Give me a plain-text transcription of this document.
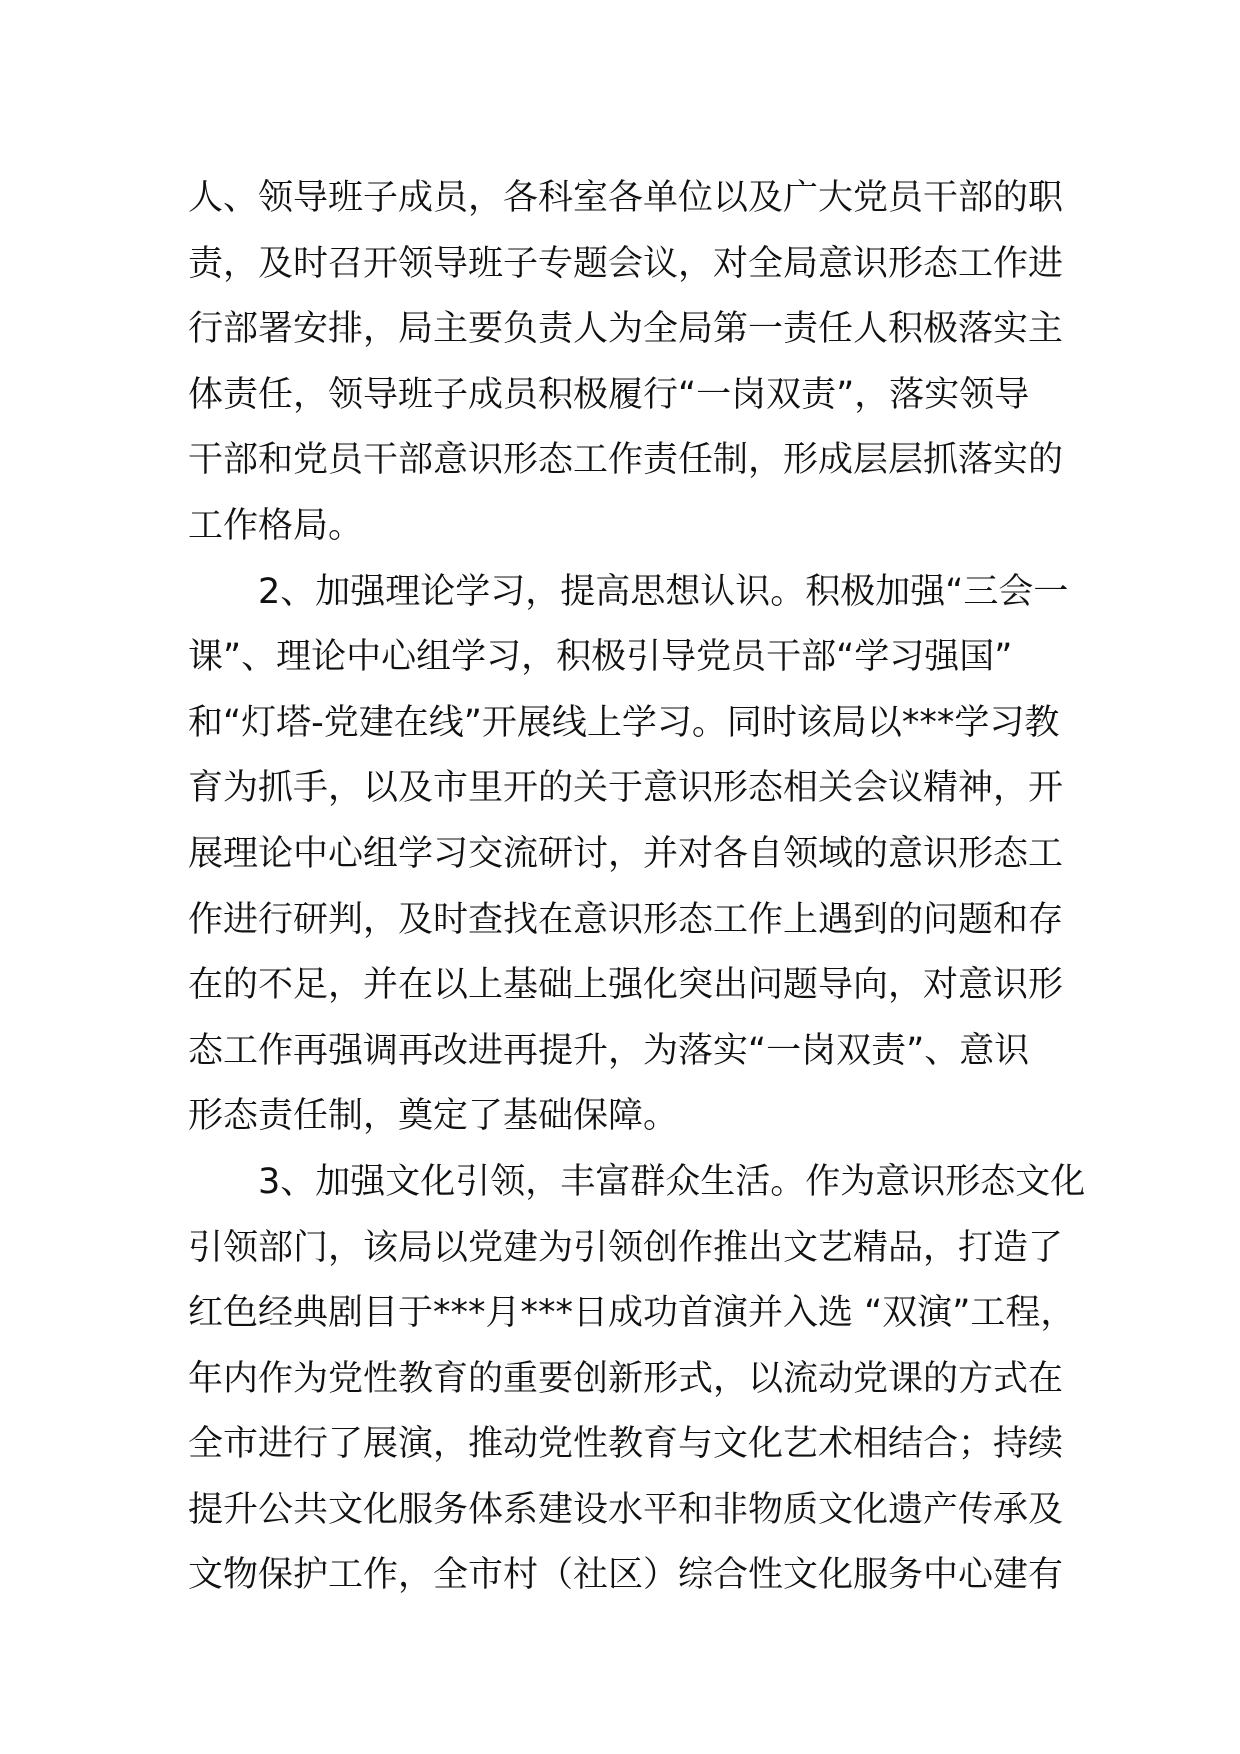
人、领导班子成员，各科室各单位以及广大党员干部的职
责，及时召开领导班子专题会议，对全局意识形态工作进
行部署安排，局主要负责人为全局第一责任人积极落实主
体责任，领导班子成员积极履行“一岗双责”，落实领导
干部和党员干部意识形态工作责任制，形成层层抓落实的
工作格局。
2、加强理论学习，提高思想认识。积极加强“三会一
课”、理论中心组学习，积极引导党员干部“学习强国”
和“灯塔-党建在线”开展线上学习。同时该局以***学习教
育为抓手，以及市里开的关于意识形态相关会议精神，开
展理论中心组学习交流研讨，并对各自领域的意识形态工
作进行研判，及时查找在意识形态工作上遇到的问题和存
在的不足，并在以上基础上强化突出问题导向，对意识形
态工作再强调再改进再提升，为落实“一岗双责”、意识
形态责任制，奠定了基础保障。
3、加强文化引领，丰富群众生活。作为意识形态文化
引领部门，该局以党建为引领创作推出文艺精品，打造了
红色经典剧目于***月***日成功首演并入选 “双演”工程，
年内作为党性教育的重要创新形式，以流动党课的方式在
全市进行了展演，推动党性教育与文化艺术相结合；持续
提升公共文化服务体系建设水平和非物质文化遗产传承及
文物保护工作，全市村（社区）综合性文化服务中心建有
